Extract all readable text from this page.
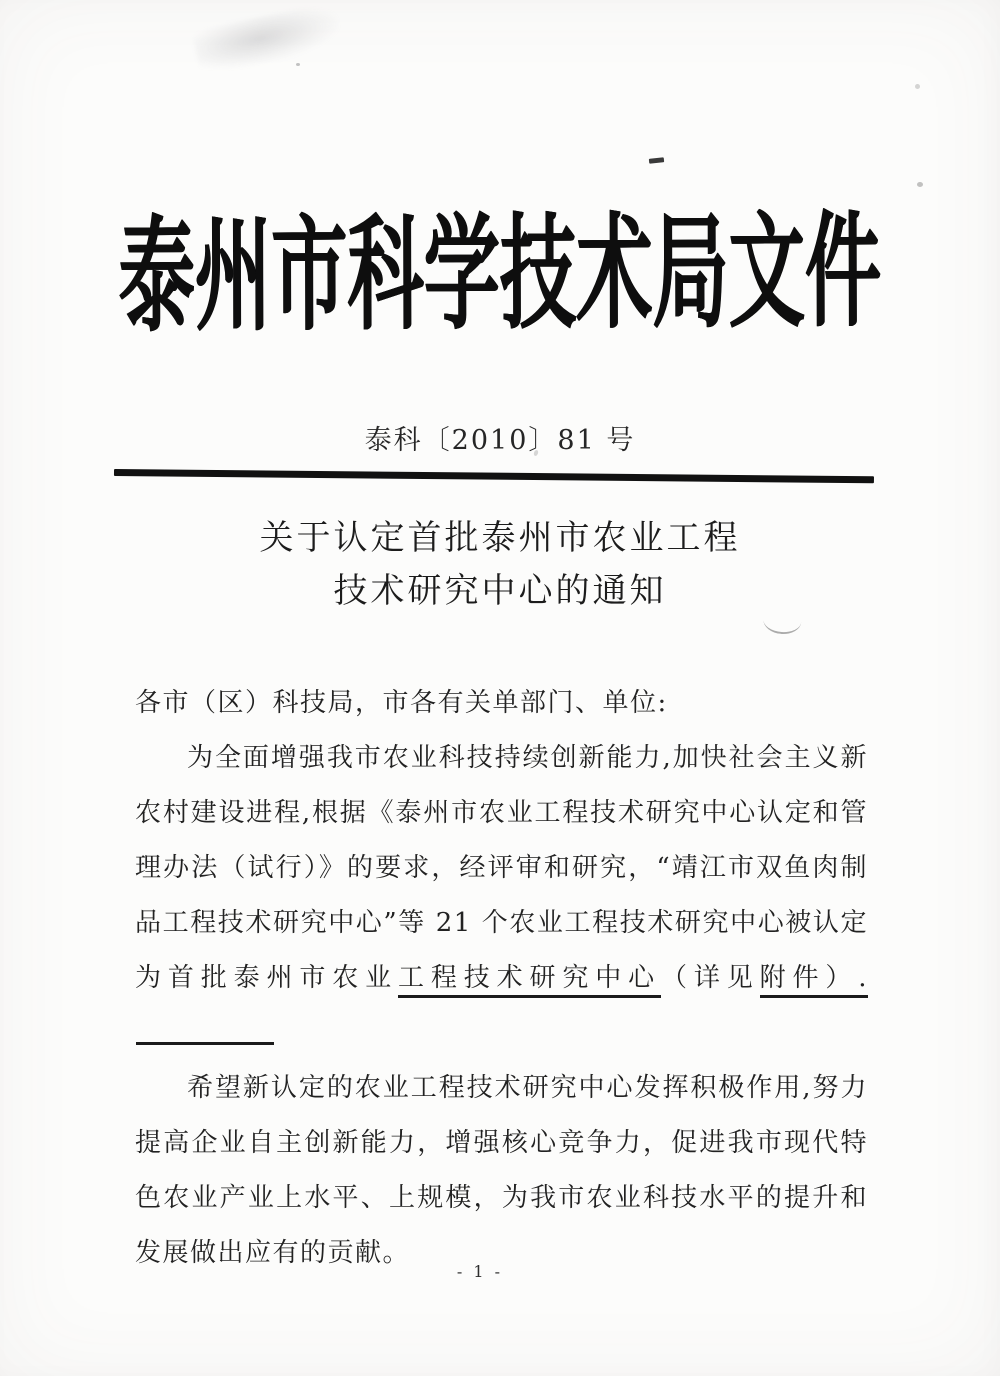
泰州市科学技术局文件
泰科〔2010〕81 号
关于认定首批泰州市农业工程
技术研究中心的通知

各市（区）科技局，市各有关单部门、单位:

为全面增强我市农业科技持续创新能力,加快社会主义新农村建设进程,根据《泰州市农业工程技术研究中心认定和管理办法（试行）》的要求，经评审和研究，“靖江市双鱼肉制品工程技术研究中心”等 21 个农业工程技术研究中心被认定为首批泰州市农业工程技术研究中心（详见附件）.

希望新认定的农业工程技术研究中心发挥积极作用,努力提高企业自主创新能力，增强核心竞争力，促进我市现代特色农业产业上水平、上规模，为我市农业科技水平的提升和发展做出应有的贡献。

- 1 -
